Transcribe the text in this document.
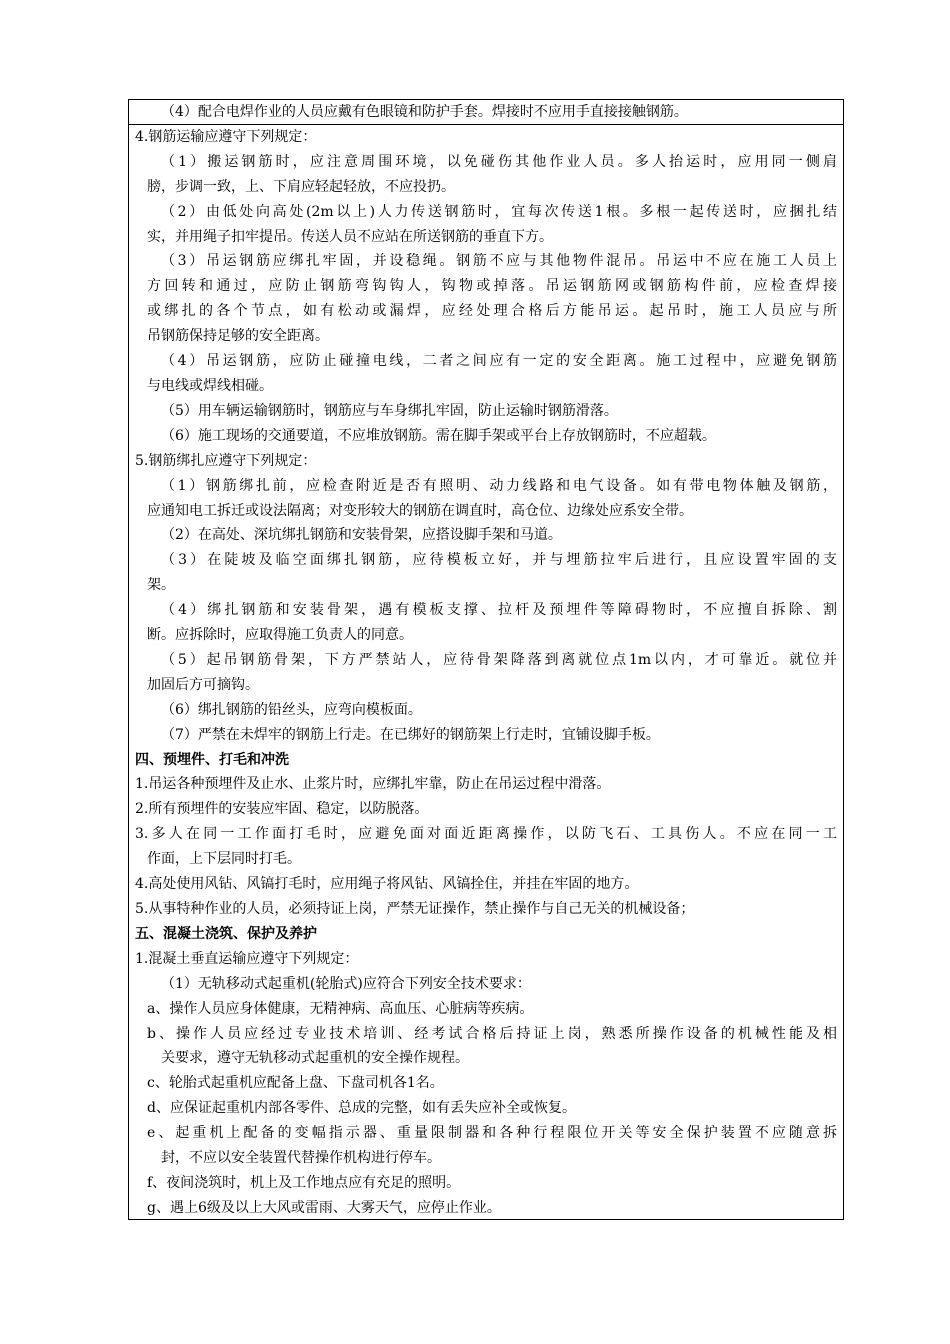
（4）配合电焊作业的人员应戴有色眼镜和防护手套。焊接时不应用手直接接触钢筋。
4.钢筋运输应遵守下列规定：
（1）搬运钢筋时，应注意周围环境，以免碰伤其他作业人员。多人抬运时，应用同一侧肩
膀，步调一致，上、下肩应轻起轻放，不应投扔。
（2）由低处向高处(2m以上)人力传送钢筋时，宜每次传送1根。多根一起传送时，应捆扎结
实，并用绳子扣牢提吊。传送人员不应站在所送钢筋的垂直下方。
（3）吊运钢筋应绑扎牢固，并设稳绳。钢筋不应与其他物件混吊。吊运中不应在施工人员上
方回转和通过，应防止钢筋弯钩钩人，钩物或掉落。吊运钢筋网或钢筋构件前，应检查焊接
或绑扎的各个节点，如有松动或漏焊，应经处理合格后方能吊运。起吊时，施工人员应与所
吊钢筋保持足够的安全距离。
（4）吊运钢筋，应防止碰撞电线，二者之间应有一定的安全距离。施工过程中，应避免钢筋
与电线或焊线相碰。
（5）用车辆运输钢筋时，钢筋应与车身绑扎牢固，防止运输时钢筋滑落。
（6）施工现场的交通要道，不应堆放钢筋。需在脚手架或平台上存放钢筋时，不应超载。
5.钢筋绑扎应遵守下列规定：
（1）钢筋绑扎前，应检查附近是否有照明、动力线路和电气设备。如有带电物体触及钢筋，
应通知电工拆迁或设法隔离；对变形较大的钢筋在调直时，高仓位、边缘处应系安全带。
（2）在高处、深坑绑扎钢筋和安装骨架，应搭设脚手架和马道。
（3）在陡坡及临空面绑扎钢筋，应待模板立好，并与埋筋拉牢后进行，且应设置牢固的支
架。
（4）绑扎钢筋和安装骨架，遇有模板支撑、拉杆及预埋件等障碍物时，不应擅自拆除、割
断。应拆除时，应取得施工负责人的同意。
（5）起吊钢筋骨架，下方严禁站人，应待骨架降落到离就位点1m以内，才可靠近。就位并
加固后方可摘钩。
（6）绑扎钢筋的铅丝头，应弯向模板面。
（7）严禁在未焊牢的钢筋上行走。在已绑好的钢筋架上行走时，宜铺设脚手板。
四、预埋件、打毛和冲洗
1.吊运各种预埋件及止水、止浆片时，应绑扎牢靠，防止在吊运过程中滑落。
2.所有预埋件的安装应牢固、稳定，以防脱落。
3.多人在同一工作面打毛时，应避免面对面近距离操作，以防飞石、工具伤人。不应在同一工
作面，上下层同时打毛。
4.高处使用风钻、风镐打毛时，应用绳子将风钻、风镐拴住，并挂在牢固的地方。
5.从事特种作业的人员，必须持证上岗，严禁无证操作，禁止操作与自己无关的机械设备；
五、混凝土浇筑、保护及养护
1.混凝土垂直运输应遵守下列规定：
（1）无轨移动式起重机(轮胎式)应符合下列安全技术要求：
a、操作人员应身体健康，无精神病、高血压、心脏病等疾病。
b、操作人员应经过专业技术培训、经考试合格后持证上岗，熟悉所操作设备的机械性能及相
关要求，遵守无轨移动式起重机的安全操作规程。
c、轮胎式起重机应配备上盘、下盘司机各1名。
d、应保证起重机内部各零件、总成的完整，如有丢失应补全或恢复。
e、起重机上配备的变幅指示器、重量限制器和各种行程限位开关等安全保护装置不应随意拆
封，不应以安全装置代替操作机构进行停车。
f、夜间浇筑时，机上及工作地点应有充足的照明。
g、遇上6级及以上大风或雷雨、大雾天气，应停止作业。
